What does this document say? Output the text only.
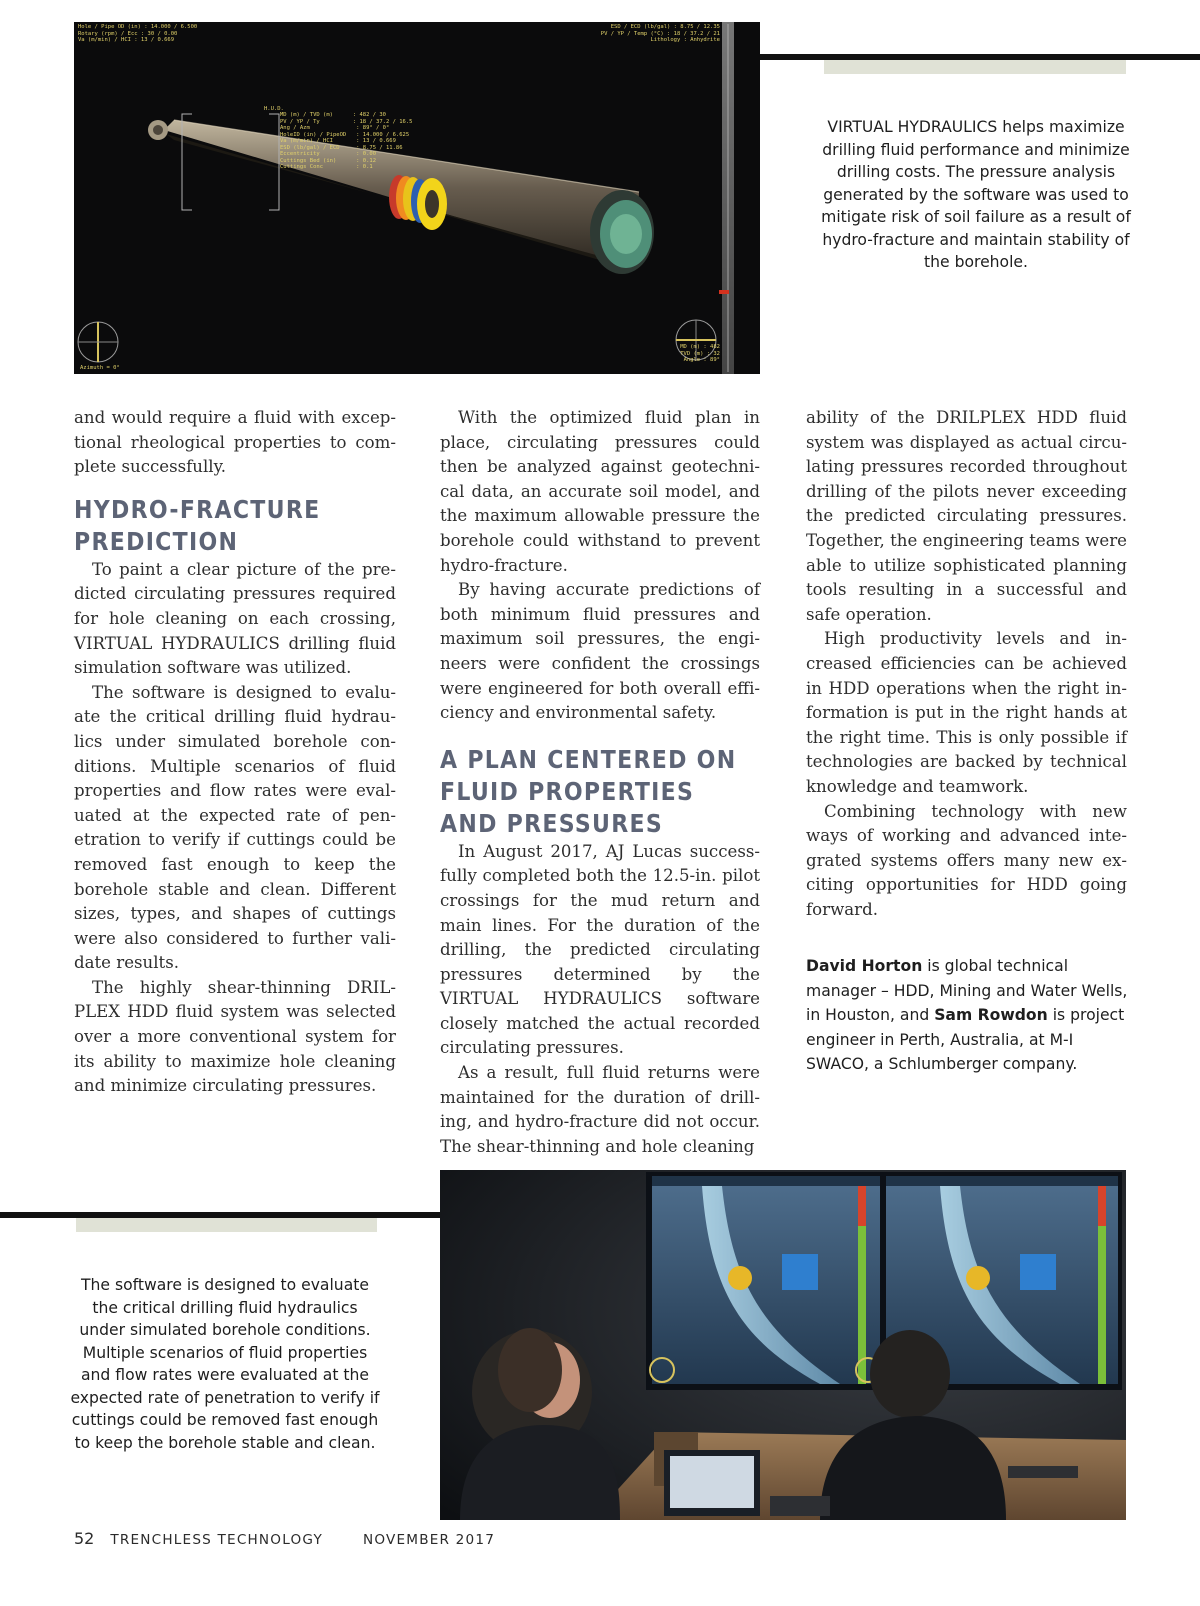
Hole / Pipe OD (in) : 14.000 / 6.500
Rotary (rpm) / Ecc : 30 / 0.00
Va (m/min) / HCI : 13 / 0.669
ESD / ECD (lb/gal) : 8.75 / 12.35
PV / YP / Temp (°C) : 18 / 37.2 / 21
Lithology : Anhydrite
H.U.D.
MD (m) / TVD (m)      : 482 / 30
PV / YP / Ty          : 18 / 37.2 / 16.5
Ang / Azm              : 89° / 0°
HoleID (in) / PipeOD   : 14.000 / 6.625
Va (m/min) / HCI       : 13 / 0.669
ESD (lb/gal) / ECD     : 8.75 / 11.86
Eccentricity           : 0.00
Cuttings Bed (in)      : 0.12
Cuttings Conc          : 0.1
MD (m) : 482
TVD (m) : 32
Angle : 89°
Azimuth = 0°
VIRTUAL HYDRAULICS helps maximize drilling fluid performance and minimize drilling costs. The pressure analysis generated by the software was used to mitigate risk of soil failure as a result of hydro-fracture and maintain stability of the borehole.

and would require a fluid with exceptional rheological properties to complete successfully.

HYDRO-FRACTURE PREDICTION

To paint a clear picture of the predicted circulating pressures required for hole cleaning on each crossing, VIRTUAL HYDRAULICS drilling fluid simulation software was utilized.

The software is designed to evaluate the critical drilling fluid hydraulics under simulated borehole conditions. Multiple scenarios of fluid properties and flow rates were evaluated at the expected rate of penetration to verify if cuttings could be removed fast enough to keep the borehole stable and clean. Different sizes, types, and shapes of cuttings were also considered to further validate results.

The highly shear-thinning DRILPLEX HDD fluid system was selected over a more conventional system for its ability to maximize hole cleaning and minimize circulating pressures.

With the optimized fluid plan in place, circulating pressures could then be analyzed against geotechnical data, an accurate soil model, and the maximum allowable pressure the borehole could withstand to prevent hydro-fracture.

By having accurate predictions of both minimum fluid pressures and maximum soil pressures, the engineers were confident the crossings were engineered for both overall efficiency and environmental safety.

A PLAN CENTERED ON FLUID PROPERTIES AND PRESSURES

In August 2017, AJ Lucas successfully completed both the 12.5-in. pilot crossings for the mud return and main lines. For the duration of the drilling, the predicted circulating pressures determined by the VIRTUAL HYDRAULICS software closely matched the actual recorded circulating pressures.

As a result, full fluid returns were maintained for the duration of drilling, and hydro-fracture did not occur. The shear-thinning and hole cleaning

ability of the DRILPLEX HDD fluid system was displayed as actual circulating pressures recorded throughout drilling of the pilots never exceeding the predicted circulating pressures. Together, the engineering teams were able to utilize sophisticated planning tools resulting in a successful and safe operation.

High productivity levels and increased efficiencies can be achieved in HDD operations when the right information is put in the right hands at the right time. This is only possible if technologies are backed by technical knowledge and teamwork.

Combining technology with new ways of working and advanced integrated systems offers many new exciting opportunities for HDD going forward.

David Horton is global technical manager – HDD, Mining and Water Wells, in Houston, and Sam Rowdon is project engineer in Perth, Australia, at M-I SWACO, a Schlumberger company.
The software is designed to evaluate the critical drilling fluid hydraulics under simulated borehole conditions. Multiple scenarios of fluid properties and flow rates were evaluated at the expected rate of penetration to verify if cuttings could be removed fast enough to keep the borehole stable and clean.
52 TRENCHLESS TECHNOLOGY	NOVEMBER 2017
